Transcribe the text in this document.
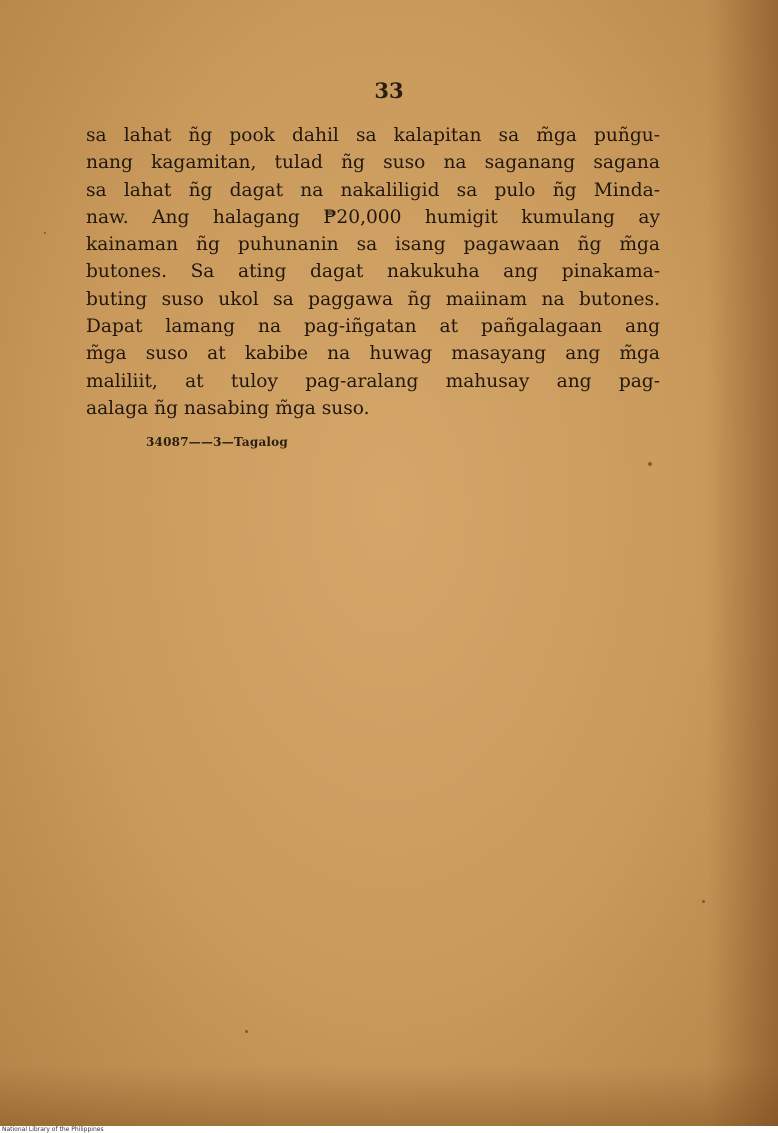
33

sa lahat ñg pook dahil sa kalapitan sa m̃ga puñgu-
nang kagamitan, tulad ñg suso na saganang sagana
sa lahat ñg dagat na nakaliligid sa pulo ñg Minda-
naw. Ang halagang ₱20,000 humigit kumulang ay
kainaman ñg puhunanin sa isang pagawaan ñg m̃ga
butones. Sa ating dagat nakukuha ang pinakama-
buting suso ukol sa paggawa ñg maiinam na butones.
Dapat lamang na pag-iñgatan at pañgalagaan ang
m̃ga suso at kabibe na huwag masayang ang m̃ga
maliliit, at tuloy pag-aralang mahusay ang pag-
aalaga ñg nasabing m̃ga suso.

34087——3—Tagalog
National Library of the Philippines
